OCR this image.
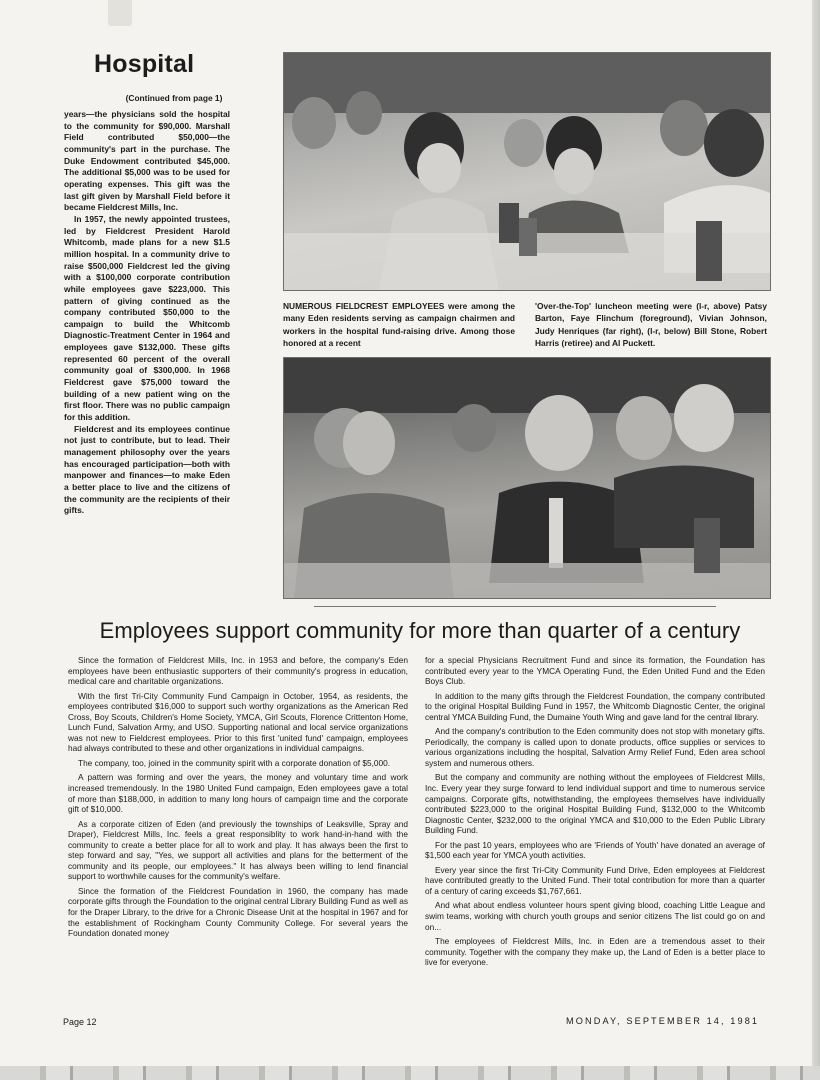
Hospital

(Continued from page 1)

years—the physicians sold the hospital to the community for $90,000. Marshall Field contributed $50,000—the community's part in the purchase. The Duke Endowment contributed $45,000. The additional $5,000 was to be used for operating expenses. This gift was the last gift given by Marshall Field before it became Fieldcrest Mills, Inc.

In 1957, the newly appointed trustees, led by Fieldcrest President Harold Whitcomb, made plans for a new $1.5 million hospital. In a community drive to raise $500,000 Fieldcrest led the giving with a $100,000 corporate contribution while employees gave $223,000. This pattern of giving continued as the company contributed $50,000 to the campaign to build the Whitcomb Diagnostic-Treatment Center in 1964 and employees gave $132,000. These gifts represented 60 percent of the overall community goal of $300,000. In 1968 Fieldcrest gave $75,000 toward the building of a new patient wing on the first floor. There was no public campaign for this addition.

Fieldcrest and its employees continue not just to contribute, but to lead. Their management philosophy over the years has encouraged participation—both with manpower and finances—to make Eden a better place to live and the citizens of the community are the recipients of their gifts.

NUMEROUS FIELDCREST EMPLOYEES were among the many Eden residents serving as campaign chairmen and workers in the hospital fund-raising drive. Among those honored at a recent

'Over-the-Top' luncheon meeting were (l-r, above) Patsy Barton, Faye Flinchum (foreground), Vivian Johnson, Judy Henriques (far right), (l-r, below) Bill Stone, Robert Harris (retiree) and Al Puckett.

Employees support community for more than quarter of a century

Since the formation of Fieldcrest Mills, Inc. in 1953 and before, the company's Eden employees have been enthusiastic supporters of their community's progress in education, medical care and charitable organizations.

With the first Tri-City Community Fund Campaign in October, 1954, as residents, the employees contributed $16,000 to support such worthy organizations as the American Red Cross, Boy Scouts, Children's Home Society, YMCA, Girl Scouts, Florence Crittenton Home, Lunch Fund, Salvation Army, and USO. Supporting national and local service organizations was not new to Fieldcrest employees. Prior to this first 'united fund' campaign, employees had always contributed to these and other organizations in individual campaigns.

The company, too, joined in the community spirit with a corporate donation of $5,000.

A pattern was forming and over the years, the money and voluntary time and work increased tremendously. In the 1980 United Fund campaign, Eden employees gave a total of more than $188,000, in addition to many long hours of campaign time and the corporate gift of $10,000.

As a corporate citizen of Eden (and previously the townships of Leaksville, Spray and Draper), Fieldcrest Mills, Inc. feels a great responsiblity to work hand-in-hand with the community to create a better place for all to work and play. It has always been the first to step forward and say, "Yes, we support all activities and plans for the betterment of the community and its people, our employees." It has always been willing to lend financial support to worthwhile causes for the community's welfare.

Since the formation of the Fieldcrest Foundation in 1960, the company has made corporate gifts through the Foundation to the original central Library Building Fund as well as for the Draper Library, to the drive for a Chronic Disease Unit at the hospital in 1967 and for the establishment of Rockingham County Community College. For several years the Foundation donated money

for a special Physicians Recruitment Fund and since its formation, the Foundation has contributed every year to the YMCA Operating Fund, the Eden United Fund and the Eden Boys Club.

In addition to the many gifts through the Fieldcrest Foundation, the company contributed to the original Hospital Building Fund in 1957, the Whitcomb Diagnostic Center, the original central YMCA Building Fund, the Dumaine Youth Wing and gave land for the central library.

And the company's contribution to the Eden community does not stop with monetary gifts. Periodically, the company is called upon to donate products, office supplies or services to various organizations including the hospital, Salvation Army Relief Fund, Eden area school system and numerous others.

But the company and community are nothing without the employees of Fieldcrest Mills, Inc. Every year they surge forward to lend individual support and time to numerous service campaigns. Corporate gifts, notwithstanding, the employees themselves have individually contributed $223,000 to the original Hospital Building Fund, $132,000 to the Whitcomb Diagnostic Center, $232,000 to the original YMCA and $10,000 to the Eden Public Library Building Fund.

For the past 10 years, employees who are 'Friends of Youth' have donated an average of $1,500 each year for YMCA youth activities.

Every year since the first Tri-City Community Fund Drive, Eden employees at Fieldcrest have contributed greatly to the United Fund. Their total contribution for more than a quarter of a century of caring exceeds $1,767,661.

And what about endless volunteer hours spent giving blood, coaching Little League and swim teams, working with church youth groups and senior citizens The list could go on and on...

The employees of Fieldcrest Mills, Inc. in Eden are a tremendous asset to their community. Together with the company they make up, the Land of Eden is a better place to live for everyone.

Page 12	MONDAY, SEPTEMBER 14, 1981
